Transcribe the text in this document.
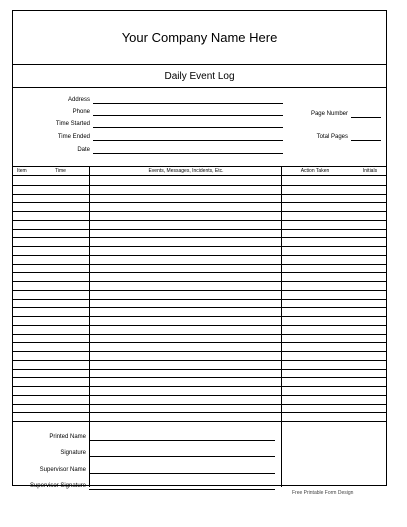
Your Company Name Here
Daily Event Log
Address
Phone
Time Started
Time Ended
Date
Page Number
Total Pages
Item	Time	Events, Messages, Incidents, Etc.	Action Taken	Initials
Printed Name
Signature
Supervisor Name
Supervisor Signature
Free Printable Form Design
